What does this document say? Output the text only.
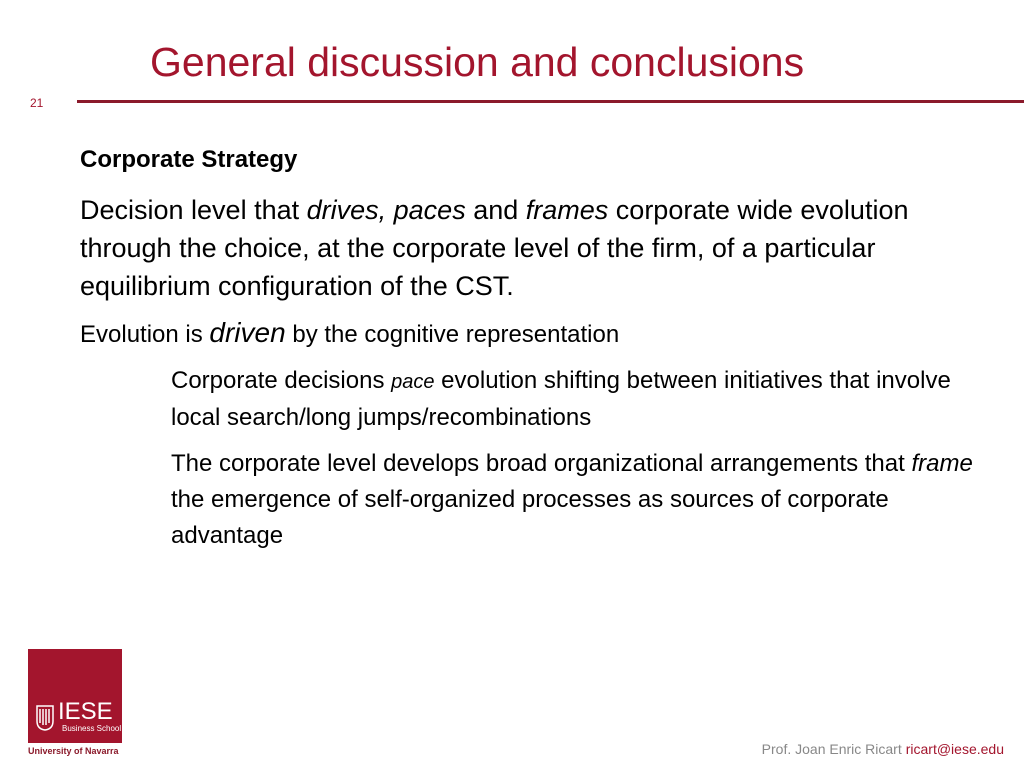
General discussion and conclusions
21
Corporate Strategy
Decision level that drives, paces and frames corporate wide evolution through the choice, at the corporate level of the firm, of a particular equilibrium configuration of the CST.
Evolution is driven by the cognitive representation
Corporate decisions pace evolution shifting between initiatives that involve local search/long jumps/recombinations
The corporate level develops broad organizational arrangements that frame the emergence of self-organized processes as sources of corporate advantage
IESE
Business School
University of Navarra	Prof. Joan Enric Ricart ricart@iese.edu
